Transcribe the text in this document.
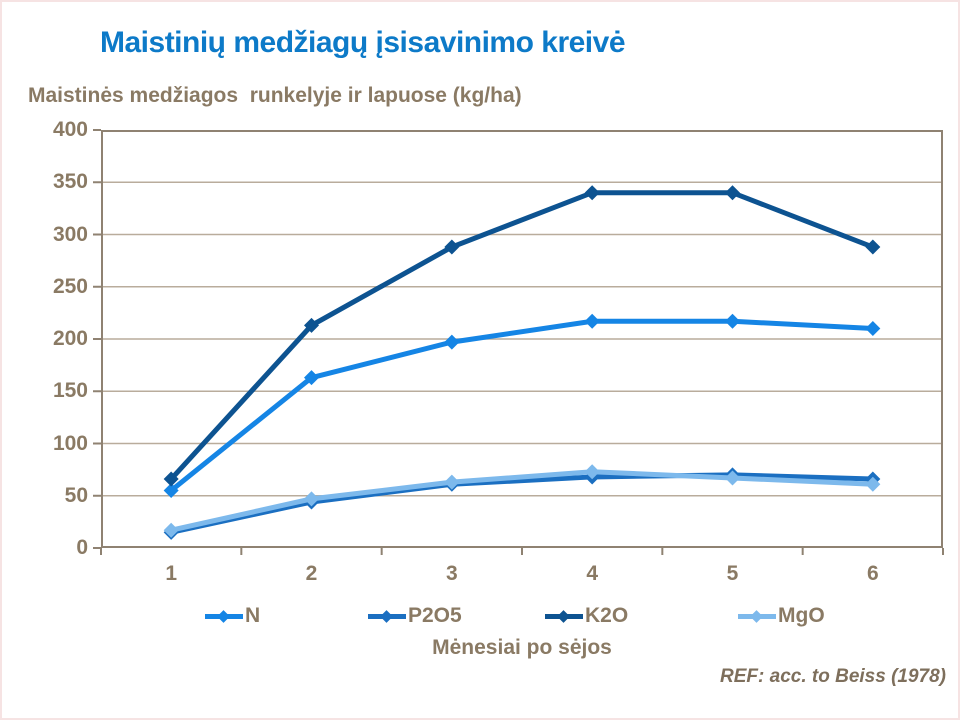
Maistinių medžiagų įsisavinimo kreivė
Maistinės medžiagos  runkelyje ir lapuose (kg/ha)
0
50
100
150
200
250
300
350
400
1	2	3	4	5	6
N	P2O5	K2O	MgO
Mėnesiai po sėjos
REF: acc. to Beiss (1978)
